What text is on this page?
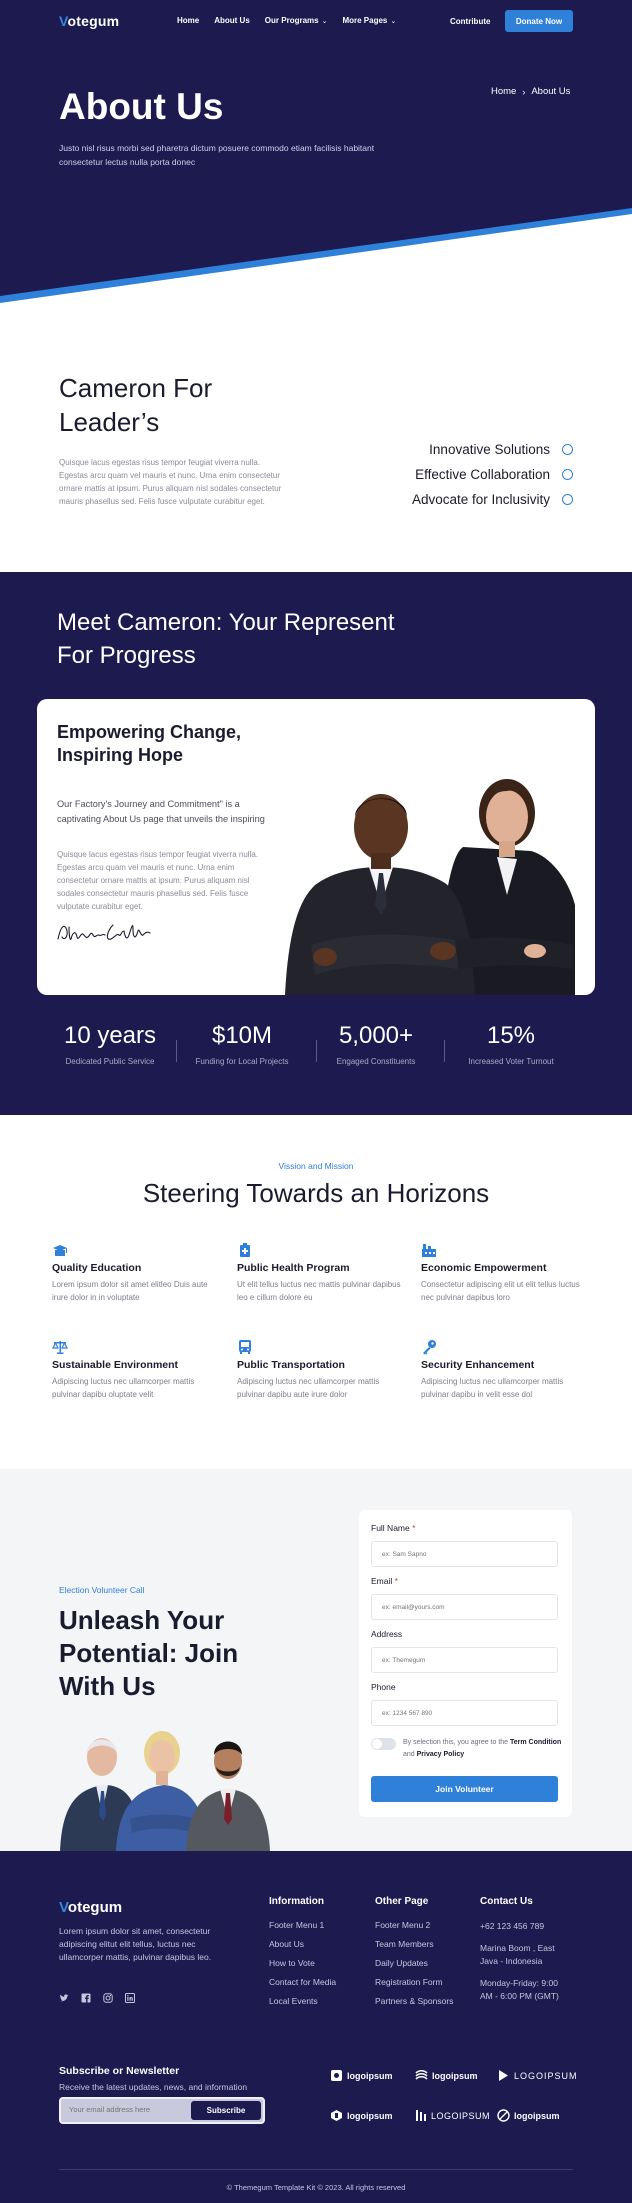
Votegum	Home About Us Our Programs ⌄ More Pages ⌄	Contribute	Donate Now
About Us

Justo nisl risus morbi sed pharetra dictum posuere commodo etiam facilisis habitant consectetur lectus nulla porta donec

Home › About Us
Cameron For Leader’s

Quisque lacus egestas risus tempor feugiat viverra nulla. Egestas arcu quam vel mauris et nunc. Urna enim consectetur ornare mattis at ipsum. Purus aliquam nisl sodales consectetur mauris phasellus sed. Felis fusce vulputate curabitur eget.

Innovative Solutions
Effective Collaboration
Advocate for Inclusivity
Meet Cameron: Your Represent For Progress
Empowering Change, Inspiring Hope

Our Factory's Journey and Commitment" is a captivating About Us page that unveils the inspiring

Quisque lacus egestas risus tempor feugiat viverra nulla. Egestas arcu quam vel mauris et nunc. Urna enim consectetur ornare mattis at ipsum. Purus aliquam nisl sodales consectetur mauris phasellus sed. Felis fusce vulputate curabitur eget.

10 years
Dedicated Public Service
$10M
Funding for Local Projects
5,000+
Engaged Constituents
15%
Increased Voter Turnout
Vission and Mission
Steering Towards an Horizons
Quality Education
Lorem ipsum dolor sit amet elitleo Duis aute irure dolor in in voluptate
Public Health Program
Ut elit tellus luctus nec mattis pulvinar dapibus leo e cillum dolore eu
Economic Empowerment
Consectetur adipiscing elit ut elit tellus luctus nec pulvinar dapibus loro
Sustainable Environment
Adipiscing luctus nec ullamcorper mattis pulvinar dapibu oluptate velit
Public Transportation
Adipiscing luctus nec ullamcorper mattis pulvinar dapibu aute irure dolor
Security Enhancement
Adipiscing luctus nec ullamcorper mattis pulvinar dapibu in velit esse dol
Election Volunteer Call
Unleash Your Potential: Join With Us
Full Name *
ex: Sam Sapno
Email *
ex: email@yours.com
Address
ex: Themegum
Phone
ex: 1234 567 890

By selection this, you agree to the Term Condition and Privacy Policy

Join Volunteer
Votegum

Lorem ipsum dolor sit amet, consectetur adipiscing elitut elit tellus, luctus nec ullamcorper mattis, pulvinar dapibus leo.

Information
Footer Menu 1
About Us
How to Vote
Contact for Media
Local Events
Other Page
Footer Menu 2
Team Members
Daily Updates
Registration Form
Partners & Sponsors
Contact Us
+62 123 456 789
Marina Boom , East Java - Indonesia
Monday-Friday: 9:00 AM - 6:00 PM (GMT)
Subscribe or Newsletter
Receive the latest updates, news, and information
Your email address here
Subscribe
logoipsum	logoipsum	LOGOIPSUM
logoipsum	LOGOIPSUM	logoipsum

© Themegum Template Kit © 2023. All rights reserved
